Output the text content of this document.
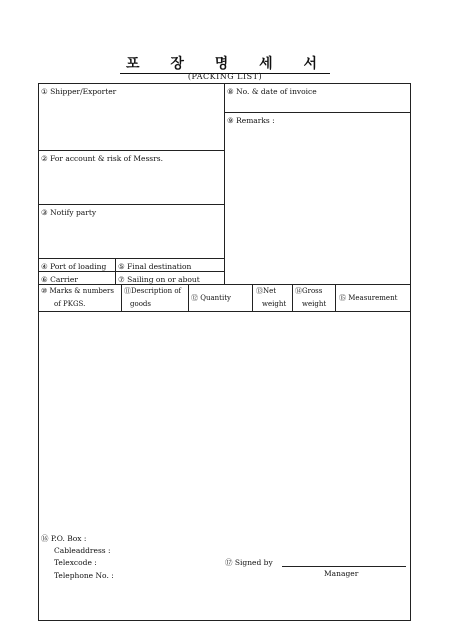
포 장 명 세 서
(PACKING LIST)
① Shipper/Exporter	⑧ No. & date of invoice
⑨ Remarks :
② For account & risk of Messrs.
③ Notify party
④ Port of loading ⑤ Final destination
⑥ Carrier	⑦ Sailing on or about
⑩ Marks & numbers
of PKGS.
⑪Description of
goods
⑫ Quantity
⑬Net
weight
⑭Gross
weight
⑮ Measurement
⑯ P.O. Box :
Cableaddress :
Telexcode :
Telephone No. :
⑰ Signed by
Manager
